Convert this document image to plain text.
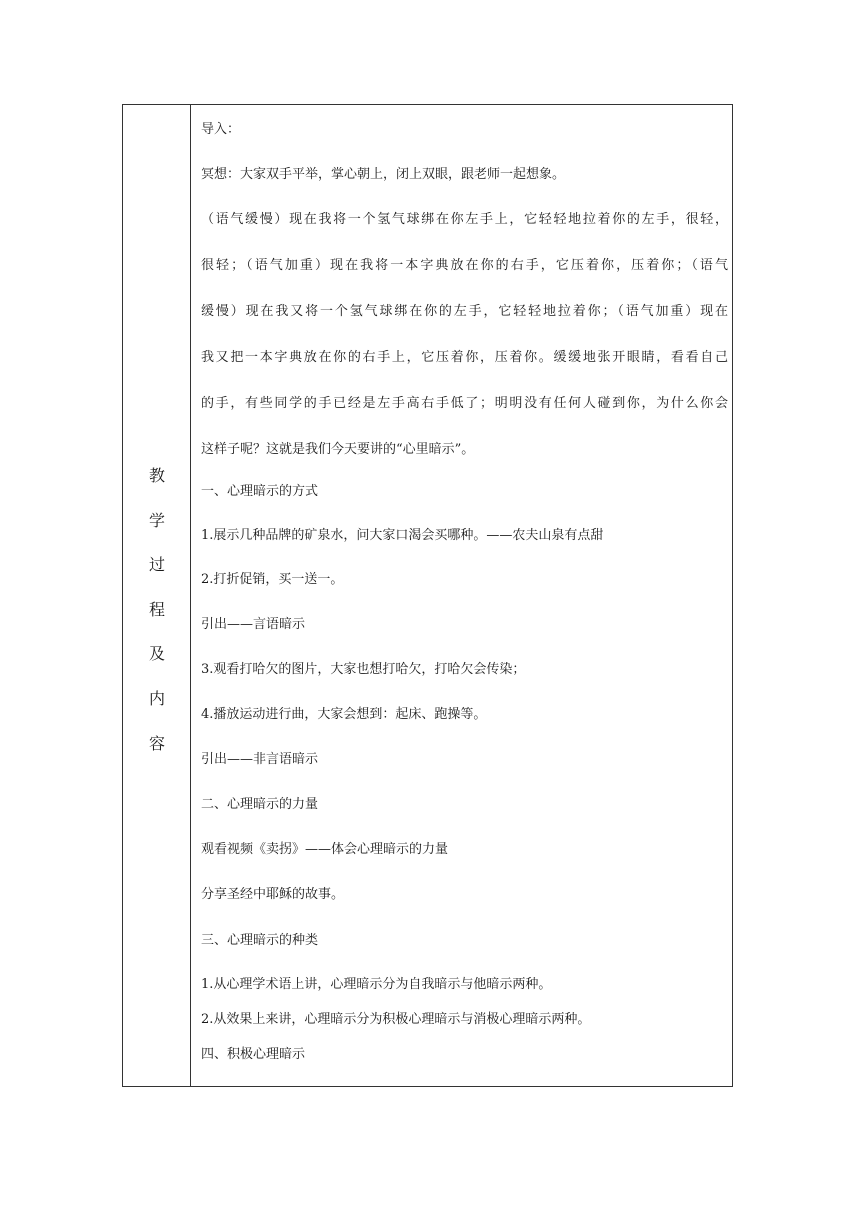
教
学
过
程
及
内
容
导入：
冥想：大家双手平举，掌心朝上，闭上双眼，跟老师一起想象。
（语气缓慢）现在我将一个氢气球绑在你左手上，它轻轻地拉着你的左手，很轻，
很轻；（语气加重）现在我将一本字典放在你的右手，它压着你，压着你；（语气
缓慢）现在我又将一个氢气球绑在你的左手，它轻轻地拉着你；（语气加重）现在
我又把一本字典放在你的右手上，它压着你，压着你。缓缓地张开眼睛，看看自己
的手，有些同学的手已经是左手高右手低了；明明没有任何人碰到你，为什么你会
这样子呢？这就是我们今天要讲的“心里暗示”。
一、心理暗示的方式
1.展示几种品牌的矿泉水，问大家口渴会买哪种。——农夫山泉有点甜
2.打折促销，买一送一。
引出——言语暗示
3.观看打哈欠的图片，大家也想打哈欠，打哈欠会传染；
4.播放运动进行曲，大家会想到：起床、跑操等。
引出——非言语暗示
二、心理暗示的力量
观看视频《卖拐》——体会心理暗示的力量
分享圣经中耶稣的故事。
三、心理暗示的种类
1.从心理学术语上讲，心理暗示分为自我暗示与他暗示两种。
2.从效果上来讲，心理暗示分为积极心理暗示与消极心理暗示两种。
四、积极心理暗示
